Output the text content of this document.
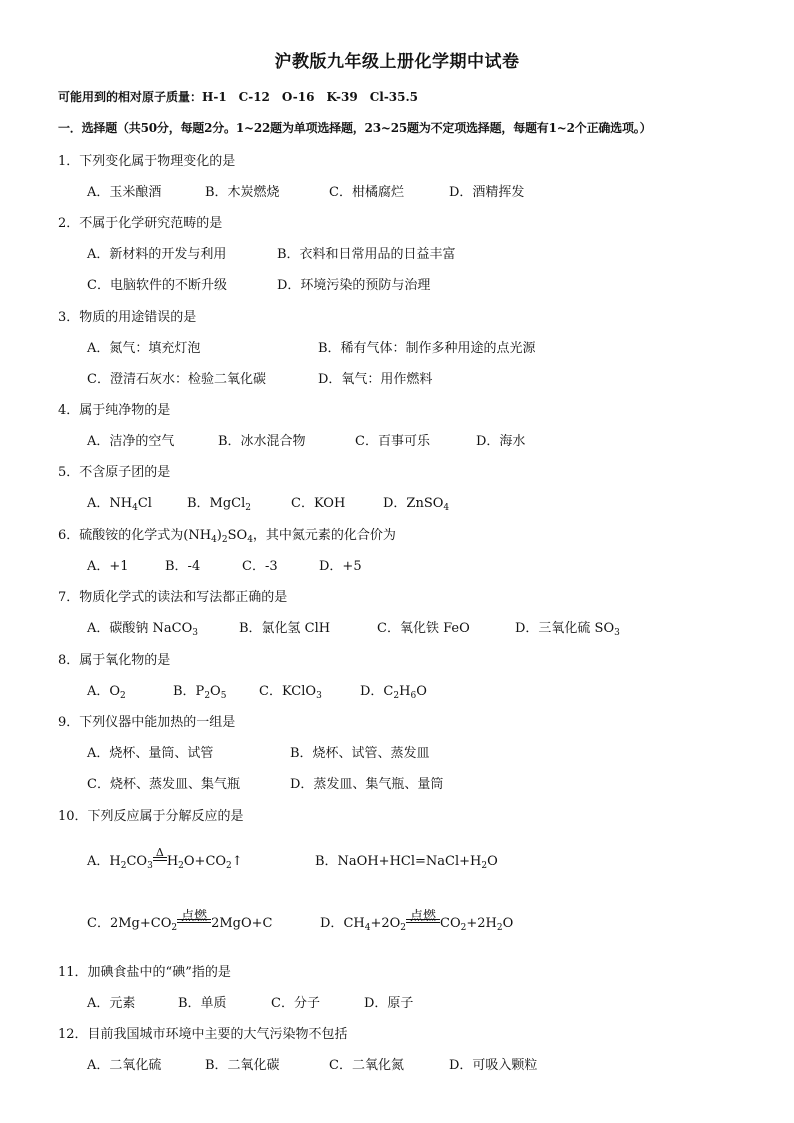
沪教版九年级上册化学期中试卷
可能用到的相对原子质量：H-1　C-12　O-16　K-39　Cl-35.5
一．选择题（共50分，每题2分。1~22题为单项选择题，23~25题为不定项选择题，每题有1~2个正确选项。）
1．下列变化属于物理变化的是
A．玉米酿酒	B．木炭燃烧	C．柑橘腐烂	D．酒精挥发
2．不属于化学研究范畴的是
A．新材料的开发与利用	B．衣料和日常用品的日益丰富
C．电脑软件的不断升级	D．环境污染的预防与治理
3．物质的用途错误的是
A．氮气：填充灯泡	B．稀有气体：制作多种用途的点光源
C．澄清石灰水：检验二氧化碳	D．氧气：用作燃料
4．属于纯净物的是
A．洁净的空气	B．冰水混合物	C．百事可乐	D．海水
5．不含原子团的是
A．$NH_4Cl$	B．MgCl$_2$	C．KOH	D．ZnSO$_4$
6．硫酸铵的化学式为$(NH_4)_2SO_4$，其中氮元素的化合价为
A．+1	B．-4	C．-3	D．+5
7．物质化学式的读法和写法都正确的是
A．碳酸钠 NaCO$_3$	B．氯化氢 ClH	C．氧化铁 FeO	D．三氧化硫 $SO_3$
8．属于氧化物的是
A．$O_2$	B．$P_2O_5$	C．KClO$_3$	D．$C_2H_6O$
9．下列仪器中能加热的一组是
A．烧杯、量筒、试管	B．烧杯、试管、蒸发皿
C．烧杯、蒸发皿、集气瓶	D．蒸发皿、集气瓶、量筒
10．下列反应属于分解反应的是
A．$H_2CO_3$
Δ
$H_2O+CO_2↑$	B．$NaOH+HCl=NaCl+H_2O$
C．$2Mg+CO_2$
点燃 2MgO+C	D．$CH_4+2O_2$
点燃 $CO_2+2H_2O$
11．加碘食盐中的“碘”指的是
A．元素	B．单质	C．分子	D．原子
12．目前我国城市环境中主要的大气污染物不包括
A．二氧化硫	B．二氧化碳	C．二氧化氮	D．可吸入颗粒
